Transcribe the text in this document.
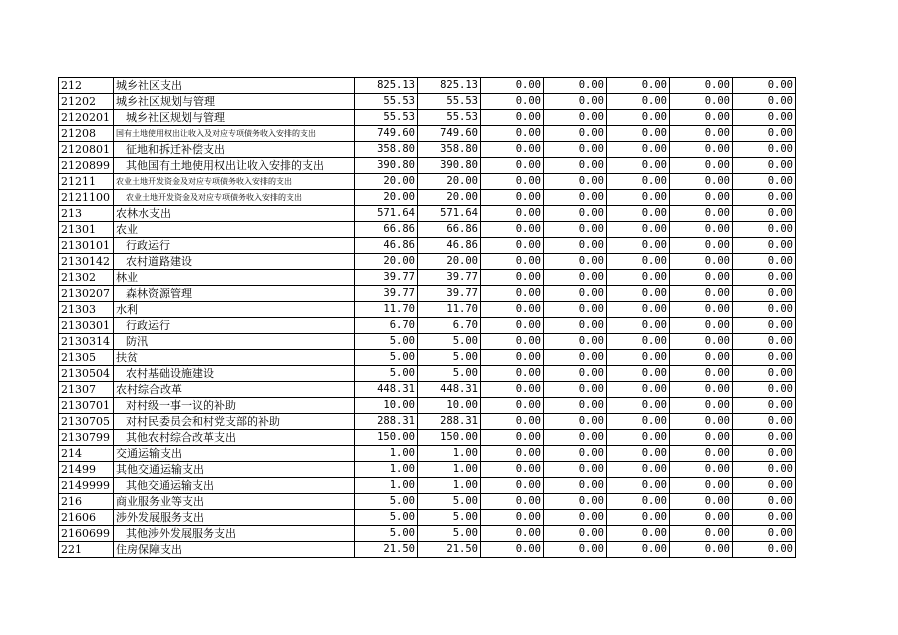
212	城乡社区支出	825.13	825.13	0.00	0.00	0.00	0.00	0.00
21202	城乡社区规划与管理	55.53	55.53	0.00	0.00	0.00	0.00	0.00
2120201	城乡社区规划与管理	55.53	55.53	0.00	0.00	0.00	0.00	0.00
21208	国有土地使用权出让收入及对应专项债务收入安排的支出	749.60	749.60	0.00	0.00	0.00	0.00	0.00
2120801	征地和拆迁补偿支出	358.80	358.80	0.00	0.00	0.00	0.00	0.00
2120899	其他国有土地使用权出让收入安排的支出	390.80	390.80	0.00	0.00	0.00	0.00	0.00
21211	农业土地开发资金及对应专项债务收入安排的支出	20.00	20.00	0.00	0.00	0.00	0.00	0.00
2121100	农业土地开发资金及对应专项债务收入安排的支出	20.00	20.00	0.00	0.00	0.00	0.00	0.00
213	农林水支出	571.64	571.64	0.00	0.00	0.00	0.00	0.00
21301	农业	66.86	66.86	0.00	0.00	0.00	0.00	0.00
2130101	行政运行	46.86	46.86	0.00	0.00	0.00	0.00	0.00
2130142	农村道路建设	20.00	20.00	0.00	0.00	0.00	0.00	0.00
21302	林业	39.77	39.77	0.00	0.00	0.00	0.00	0.00
2130207	森林资源管理	39.77	39.77	0.00	0.00	0.00	0.00	0.00
21303	水利	11.70	11.70	0.00	0.00	0.00	0.00	0.00
2130301	行政运行	6.70	6.70	0.00	0.00	0.00	0.00	0.00
2130314	防汛	5.00	5.00	0.00	0.00	0.00	0.00	0.00
21305	扶贫	5.00	5.00	0.00	0.00	0.00	0.00	0.00
2130504	农村基础设施建设	5.00	5.00	0.00	0.00	0.00	0.00	0.00
21307	农村综合改革	448.31	448.31	0.00	0.00	0.00	0.00	0.00
2130701	对村级一事一议的补助	10.00	10.00	0.00	0.00	0.00	0.00	0.00
2130705	对村民委员会和村党支部的补助	288.31	288.31	0.00	0.00	0.00	0.00	0.00
2130799	其他农村综合改革支出	150.00	150.00	0.00	0.00	0.00	0.00	0.00
214	交通运输支出	1.00	1.00	0.00	0.00	0.00	0.00	0.00
21499	其他交通运输支出	1.00	1.00	0.00	0.00	0.00	0.00	0.00
2149999	其他交通运输支出	1.00	1.00	0.00	0.00	0.00	0.00	0.00
216	商业服务业等支出	5.00	5.00	0.00	0.00	0.00	0.00	0.00
21606	涉外发展服务支出	5.00	5.00	0.00	0.00	0.00	0.00	0.00
2160699	其他涉外发展服务支出	5.00	5.00	0.00	0.00	0.00	0.00	0.00
221	住房保障支出	21.50	21.50	0.00	0.00	0.00	0.00	0.00
